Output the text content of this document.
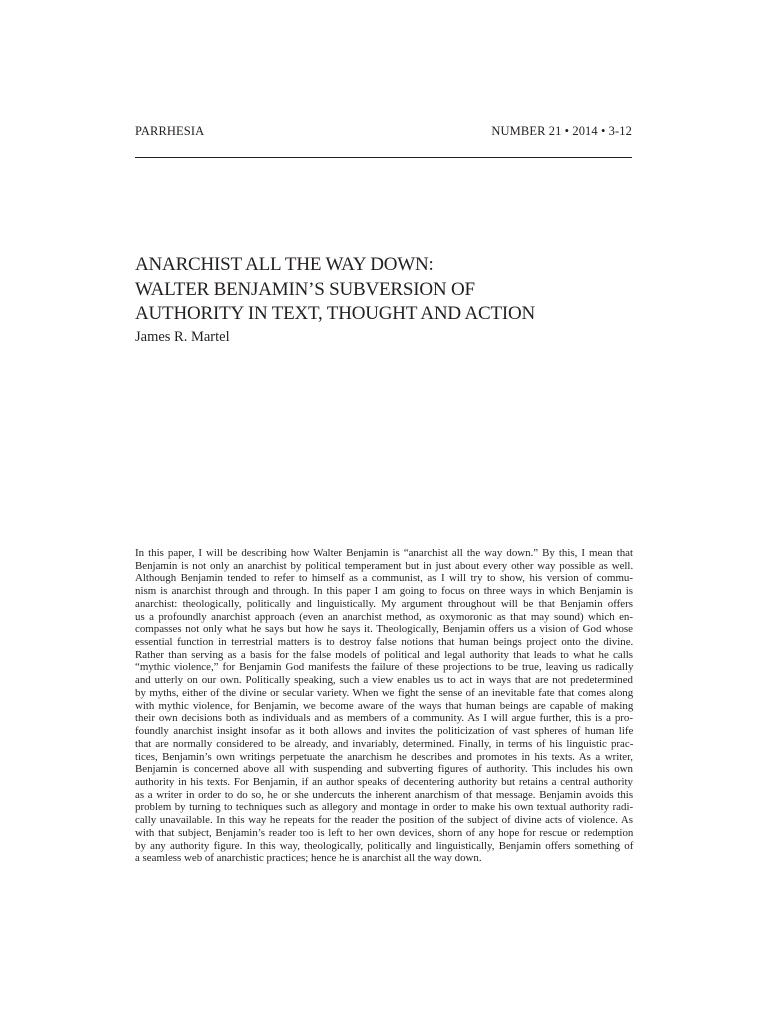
PARRHESIA	NUMBER 21 • 2014 • 3-12
ANARCHIST ALL THE WAY DOWN:
WALTER BENJAMIN’S SUBVERSION OF
AUTHORITY IN TEXT, THOUGHT AND ACTION
James R. Martel
In this paper, I will be describing how Walter Benjamin is “anarchist all the way down.” By this, I mean that
Benjamin is not only an anarchist by political temperament but in just about every other way possible as well.
Although Benjamin tended to refer to himself as a communist, as I will try to show, his version of commu-
nism is anarchist through and through. In this paper I am going to focus on three ways in which Benjamin is
anarchist: theologically, politically and linguistically. My argument throughout will be that Benjamin offers
us a profoundly anarchist approach (even an anarchist method, as oxymoronic as that may sound) which en-
compasses not only what he says but how he says it. Theologically, Benjamin offers us a vision of God whose
essential function in terrestrial matters is to destroy false notions that human beings project onto the divine.
Rather than serving as a basis for the false models of political and legal authority that leads to what he calls
“mythic violence,” for Benjamin God manifests the failure of these projections to be true, leaving us radically
and utterly on our own. Politically speaking, such a view enables us to act in ways that are not predetermined
by myths, either of the divine or secular variety. When we fight the sense of an inevitable fate that comes along
with mythic violence, for Benjamin, we become aware of the ways that human beings are capable of making
their own decisions both as individuals and as members of a community. As I will argue further, this is a pro-
foundly anarchist insight insofar as it both allows and invites the politicization of vast spheres of human life
that are normally considered to be already, and invariably, determined. Finally, in terms of his linguistic prac-
tices, Benjamin’s own writings perpetuate the anarchism he describes and promotes in his texts. As a writer,
Benjamin is concerned above all with suspending and subverting figures of authority. This includes his own
authority in his texts. For Benjamin, if an author speaks of decentering authority but retains a central authority
as a writer in order to do so, he or she undercuts the inherent anarchism of that message. Benjamin avoids this
problem by turning to techniques such as allegory and montage in order to make his own textual authority radi-
cally unavailable. In this way he repeats for the reader the position of the subject of divine acts of violence. As
with that subject, Benjamin’s reader too is left to her own devices, shorn of any hope for rescue or redemption
by any authority figure. In this way, theologically, politically and linguistically, Benjamin offers something of
a seamless web of anarchistic practices; hence he is anarchist all the way down.
